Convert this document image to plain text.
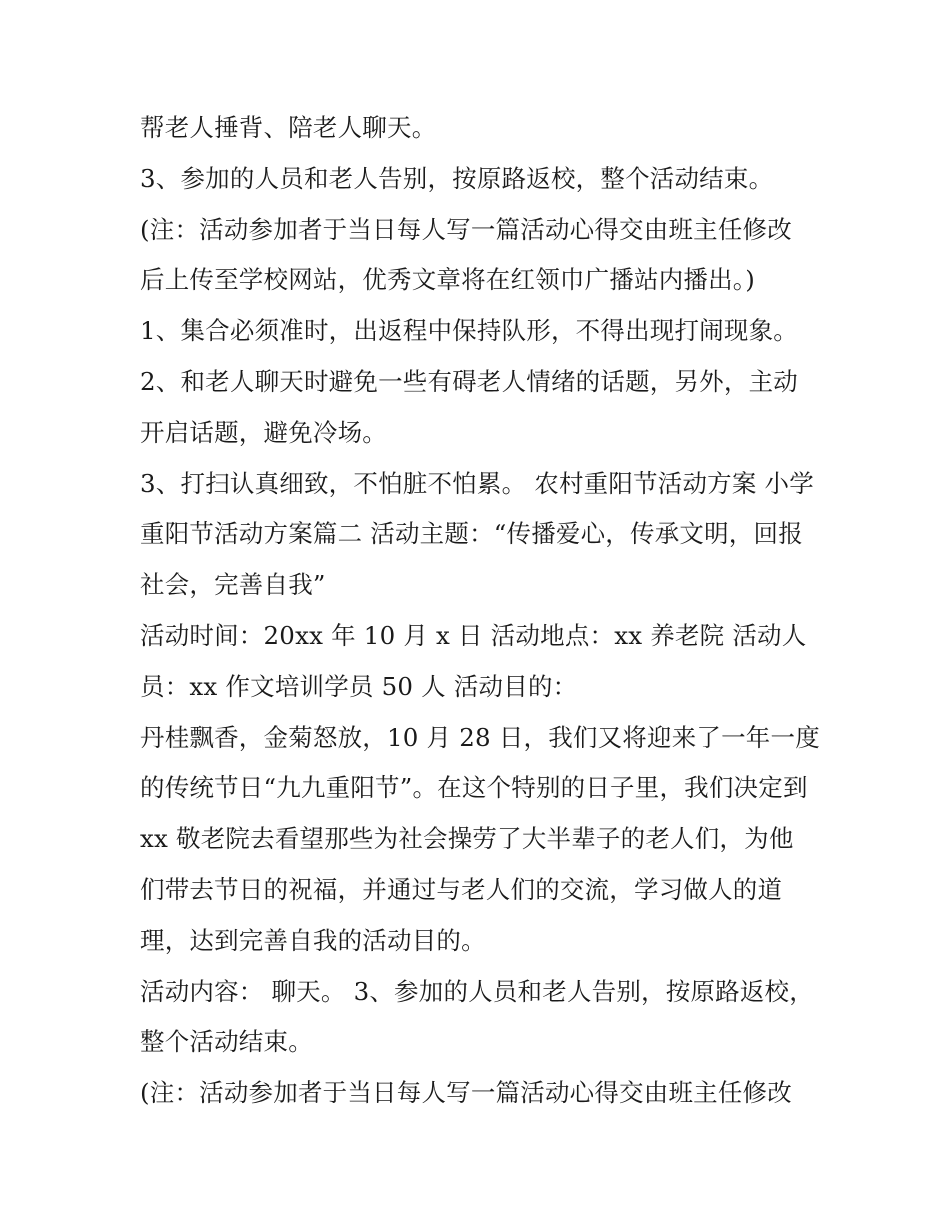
帮老人捶背、陪老人聊天。
3、参加的人员和老人告别，按原路返校，整个活动结束。
(注：活动参加者于当日每人写一篇活动心得交由班主任修改
后上传至学校网站，优秀文章将在红领巾广播站内播出。)
1、集合必须准时，出返程中保持队形，不得出现打闹现象。
2、和老人聊天时避免一些有碍老人情绪的话题，另外，主动
开启话题，避免冷场。
3、打扫认真细致，不怕脏不怕累。 农村重阳节活动方案 小学
重阳节活动方案篇二 活动主题：“传播爱心，传承文明，回报
社会，完善自我”
活动时间：20xx 年 10 月 x 日 活动地点：xx 养老院 活动人
员：xx 作文培训学员 50 人 活动目的：
丹桂飘香，金菊怒放，10 月 28 日，我们又将迎来了一年一度
的传统节日“九九重阳节”。在这个特别的日子里，我们决定到
xx 敬老院去看望那些为社会操劳了大半辈子的老人们，为他
们带去节日的祝福，并通过与老人们的交流，学习做人的道
理，达到完善自我的活动目的。
活动内容： 聊天。 3、参加的人员和老人告别，按原路返校，
整个活动结束。
(注：活动参加者于当日每人写一篇活动心得交由班主任修改
